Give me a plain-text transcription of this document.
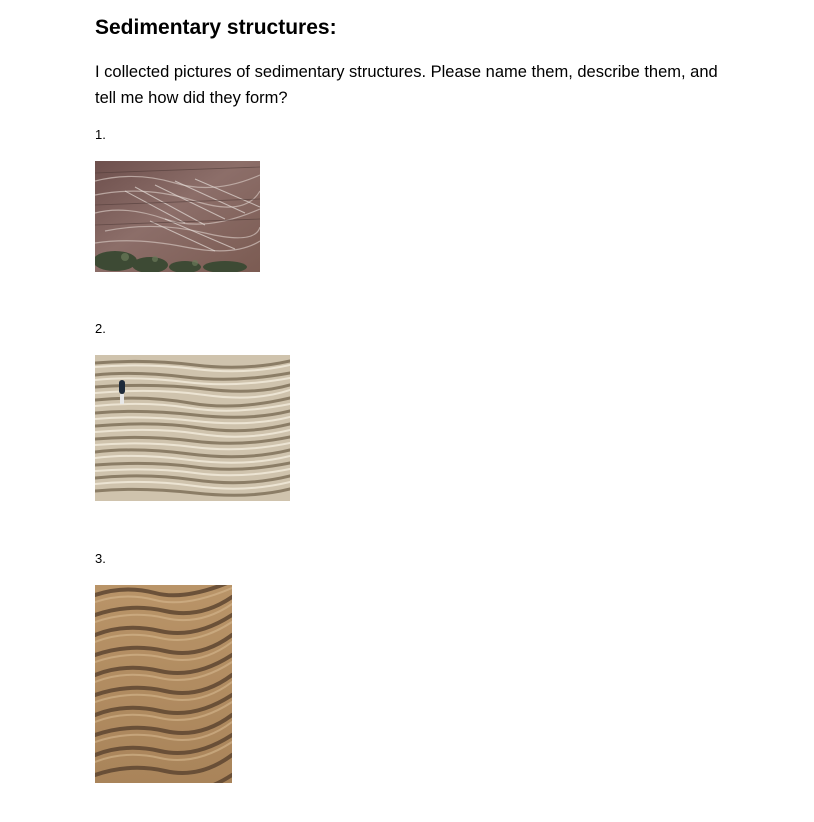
Sedimentary structures:

I collected pictures of sedimentary structures. Please name them, describe them, and tell me how did they form?

1.
2.
3.
